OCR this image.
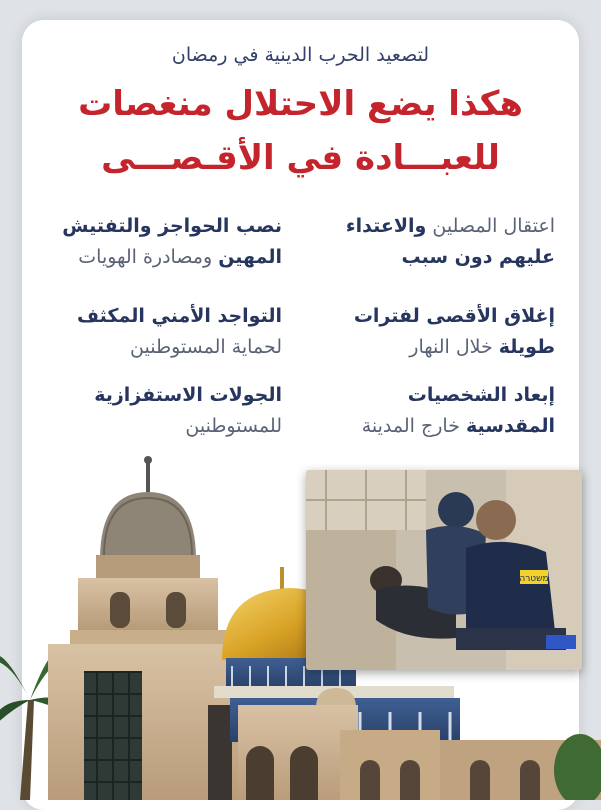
لتصعيد الحرب الدينية في رمضان
هكذا يضع الاحتلال منغصات
للعبـــادة في الأقـصـــى
اعتقال المصلين والاعتداء
عليهم دون سبب
إغلاق الأقصى لفترات
طويلة خلال النهار
إبعاد الشخصيات
المقدسية خارج المدينة
نصب الحواجز والتفتيش
المهين ومصادرة الهويات
التواجد الأمني المكثف
لحماية المستوطنين
الجولات الاستفزازية
للمستوطنين
משטרה
